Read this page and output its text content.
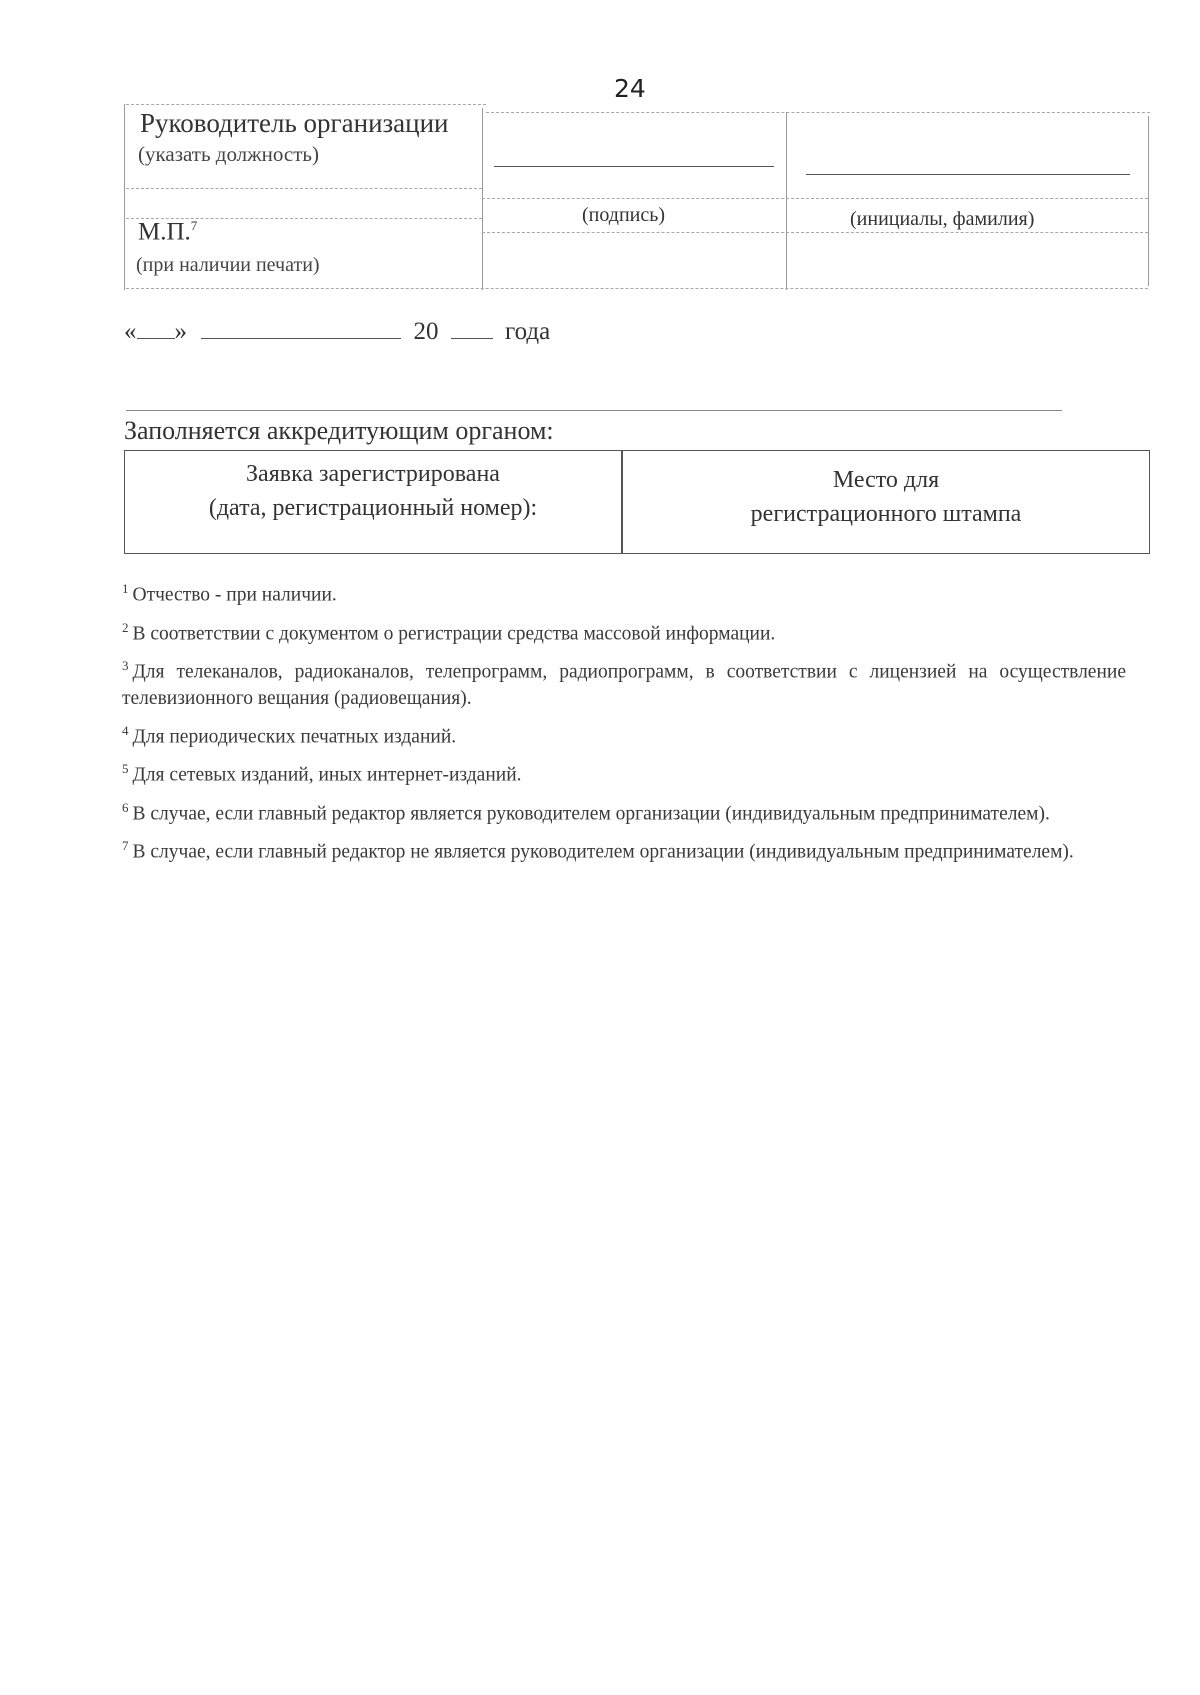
24
Руководитель организации
(указать должность)
(подпись)	(инициалы, фамилия)
М.П.$^7$
(при наличии печати)
« »	20	года
Заполняется аккредитующим органом:
Заявка зарегистрирована
(дата, регистрационный номер):
Место для
регистрационного штампа
$^1$ Отчество - при наличии.
$^2$ В соответствии с документом о регистрации средства массовой информации.
$^3$ Для телеканалов, радиоканалов, телепрограмм, радиопрограмм, в соответствии с лицензией на осуществление телевизионного вещания (радиовещания).
$^4$ Для периодических печатных изданий.
$^5$ Для сетевых изданий, иных интернет-изданий.
$^6$ В случае, если главный редактор является руководителем организации (индивидуальным предпринимателем).
$^7$ В случае, если главный редактор не является руководителем организации (индивидуальным предпринимателем).
